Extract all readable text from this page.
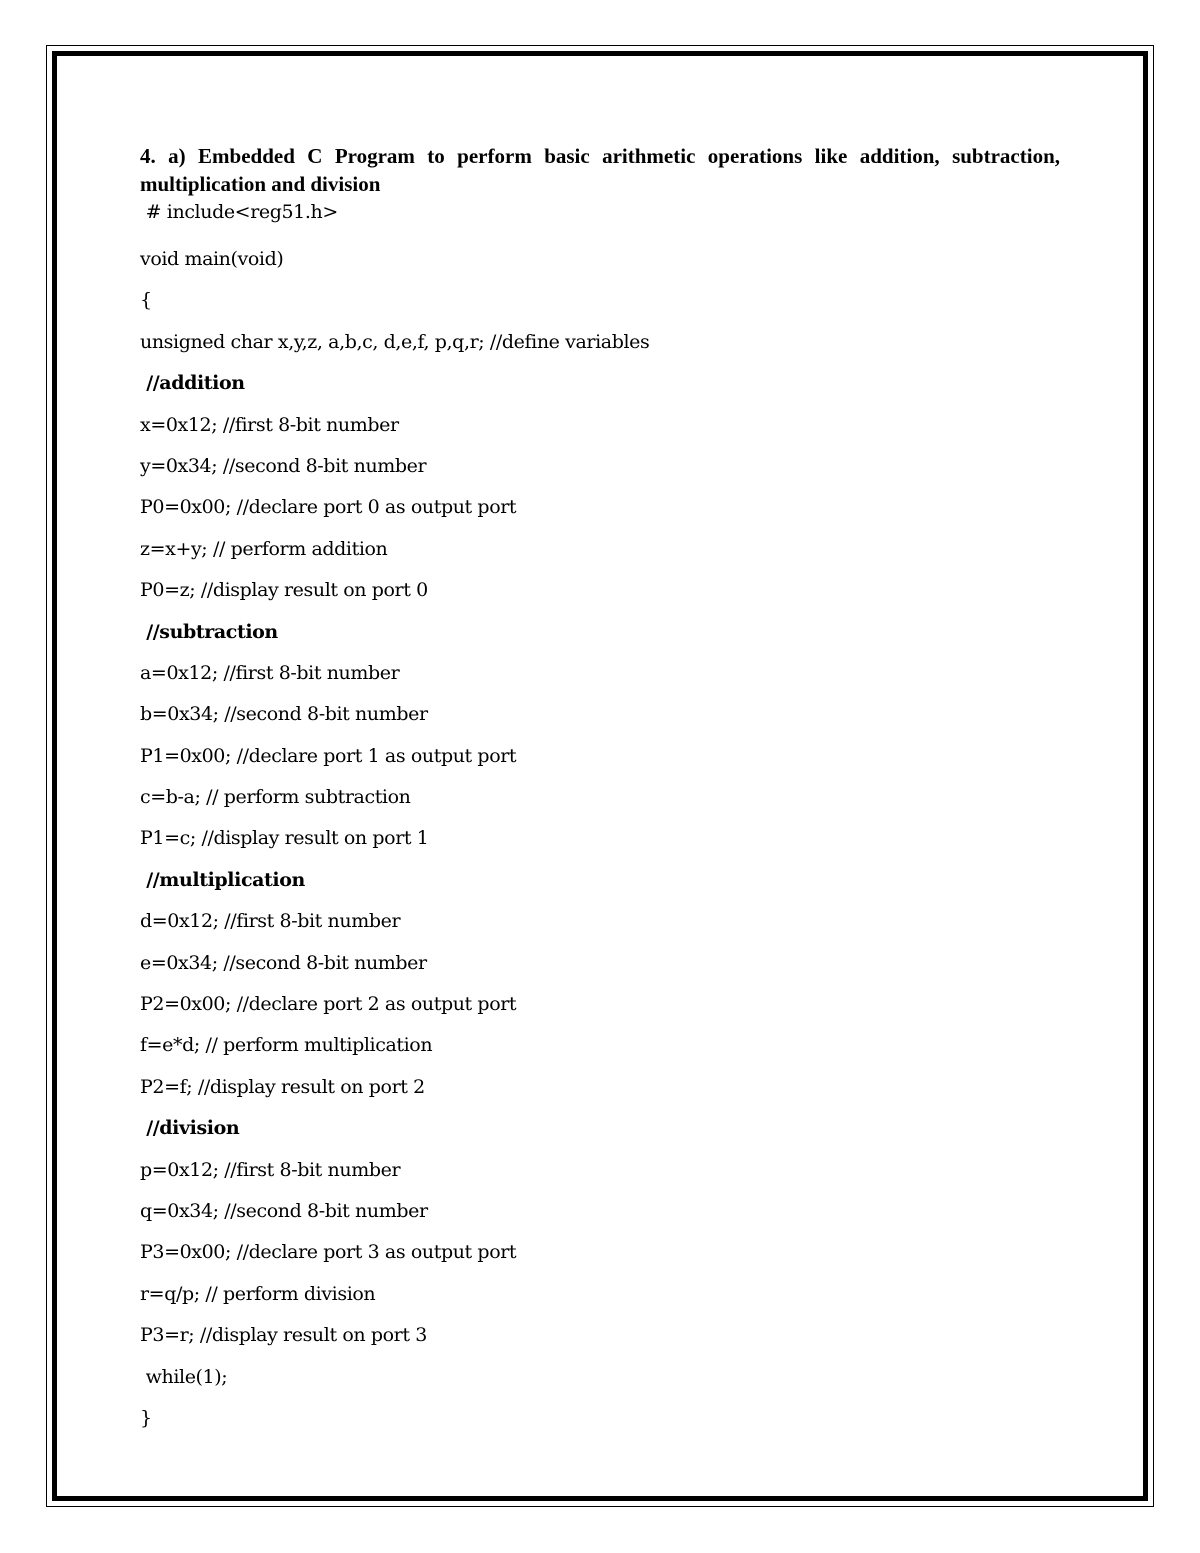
4. a) Embedded C Program to perform basic arithmetic operations like addition, subtraction, multiplication and division

# include<reg51.h>
void main(void)
{
unsigned char x,y,z, a,b,c, d,e,f, p,q,r; //define variables
//addition
x=0x12; //first 8-bit number
y=0x34; //second 8-bit number
P0=0x00; //declare port 0 as output port
z=x+y; // perform addition
P0=z; //display result on port 0
//subtraction
a=0x12; //first 8-bit number
b=0x34; //second 8-bit number
P1=0x00; //declare port 1 as output port
c=b-a; // perform subtraction
P1=c; //display result on port 1
//multiplication
d=0x12; //first 8-bit number
e=0x34; //second 8-bit number
P2=0x00; //declare port 2 as output port
f=e*d; // perform multiplication
P2=f; //display result on port 2
//division
p=0x12; //first 8-bit number
q=0x34; //second 8-bit number
P3=0x00; //declare port 3 as output port
r=q/p; // perform division
P3=r; //display result on port 3
while(1);
}
